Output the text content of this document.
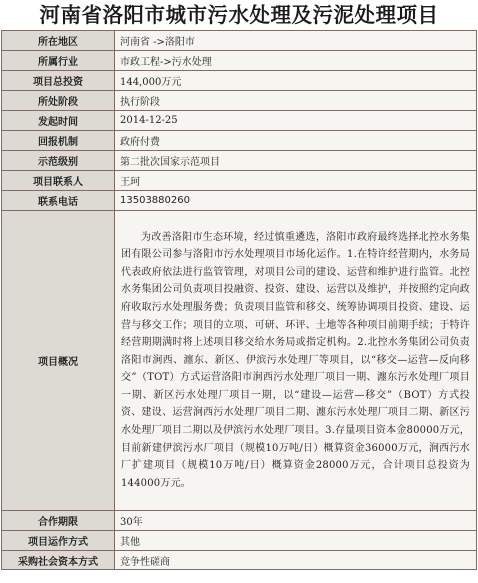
河南省洛阳市城市污水处理及污泥处理项目
所在地区	河南省 ->洛阳市
所属行业	市政工程->污水处理
项目总投资	144,000万元
所处阶段	执行阶段
发起时间	2014-12-25
回报机制	政府付费
示范级别	第二批次国家示范项目
项目联系人	王珂
联系电话	13503880260
项目概况	为改善洛阳市生态环境，经过慎重遴选，洛阳市政府最终选择北控水务集团有限公司参与洛阳市污水处理项目市场化运作。1.在特许经营期内，水务局代表政府依法进行监管管理，对项目公司的建设、运营和维护进行监管。北控水务集团公司负责项目投融资、投资、建设、运营以及维护，并按照约定向政府收取污水处理服务费；负责项目监管和移交、统筹协调项目投资、建设、运营与移交工作；项目的立项、可研、环评、土地等各种项目前期手续；于特许经营期期满时将上述项目移交给水务局或指定机构。2.北控水务集团公司负责洛阳市涧西、瀍东、新区、伊滨污水处理厂等项目，以“移交—运营—反向移交”（TOT）方式运营洛阳市涧西污水处理厂项目一期、瀍东污水处理厂项目一期、新区污水处理厂项目一期，以“建设—运营—移交”（BOT）方式投资、建设、运营涧西污水处理厂项目二期、瀍东污水处理厂项目二期、新区污水处理厂项目二期以及伊滨污水处理厂项目。3.存量项目资本金80000万元，目前新建伊滨污水厂项目（规模10万吨/日）概算资金36000万元，涧西污水厂扩建项目（规模10万吨/日）概算资金28000万元，合计项目总投资为144000万元。
合作期限	30年
项目运作方式	其他
采购社会资本方式	竞争性磋商
